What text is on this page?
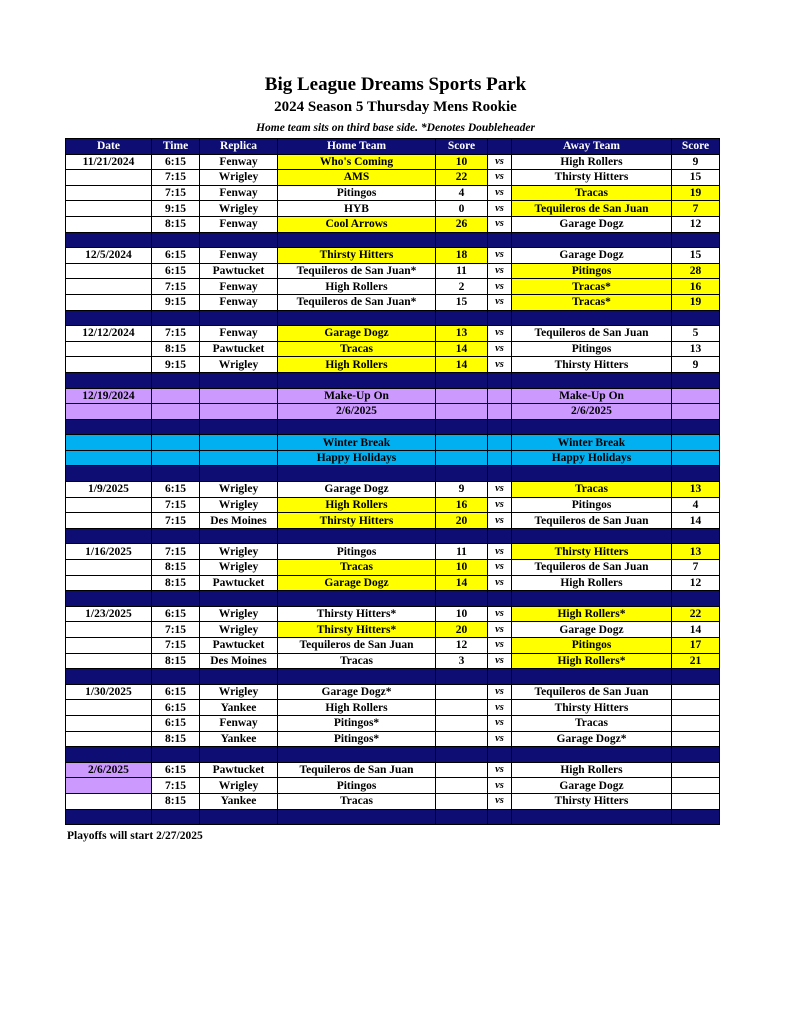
Big League Dreams Sports Park
2024 Season 5 Thursday Mens Rookie
Home team sits on third base side. *Denotes Doubleheader
Date	Time	Replica	Home Team	Score		Away Team	Score
11/21/2024	6:15	Fenway	Who's Coming	10	vs	High Rollers	9
	7:15	Wrigley	AMS	22	vs	Thirsty Hitters	15
	7:15	Fenway	Pitingos	4	vs	Tracas	19
	9:15	Wrigley	HYB	0	vs	Tequileros de San Juan	7
	8:15	Fenway	Cool Arrows	26	vs	Garage Dogz	12

12/5/2024	6:15	Fenway	Thirsty Hitters	18	vs	Garage Dogz	15
	6:15	Pawtucket	Tequileros de San Juan*	11	vs	Pitingos	28
	7:15	Fenway	High Rollers	2	vs	Tracas*	16
	9:15	Fenway	Tequileros de San Juan*	15	vs	Tracas*	19

12/12/2024	7:15	Fenway	Garage Dogz	13	vs	Tequileros de San Juan	5
	8:15	Pawtucket	Tracas	14	vs	Pitingos	13
	9:15	Wrigley	High Rollers	14	vs	Thirsty Hitters	9

12/19/2024			Make-Up On			Make-Up On	
			2/6/2025			2/6/2025	

			Winter Break			Winter Break	
			Happy Holidays			Happy Holidays	

1/9/2025	6:15	Wrigley	Garage Dogz	9	vs	Tracas	13
	7:15	Wrigley	High Rollers	16	vs	Pitingos	4
	7:15	Des Moines	Thirsty Hitters	20	vs	Tequileros de San Juan	14

1/16/2025	7:15	Wrigley	Pitingos	11	vs	Thirsty Hitters	13
	8:15	Wrigley	Tracas	10	vs	Tequileros de San Juan	7
	8:15	Pawtucket	Garage Dogz	14	vs	High Rollers	12

1/23/2025	6:15	Wrigley	Thirsty Hitters*	10	vs	High Rollers*	22
	7:15	Wrigley	Thirsty Hitters*	20	vs	Garage Dogz	14
	7:15	Pawtucket	Tequileros de San Juan	12	vs	Pitingos	17
	8:15	Des Moines	Tracas	3	vs	High Rollers*	21

1/30/2025	6:15	Wrigley	Garage Dogz*		vs	Tequileros de San Juan	
	6:15	Yankee	High Rollers		vs	Thirsty Hitters	
	6:15	Fenway	Pitingos*		vs	Tracas	
	8:15	Yankee	Pitingos*		vs	Garage Dogz*	

2/6/2025	6:15	Pawtucket	Tequileros de San Juan		vs	High Rollers	
	7:15	Wrigley	Pitingos		vs	Garage Dogz	
	8:15	Yankee	Tracas		vs	Thirsty Hitters	

Playoffs will start 2/27/2025
